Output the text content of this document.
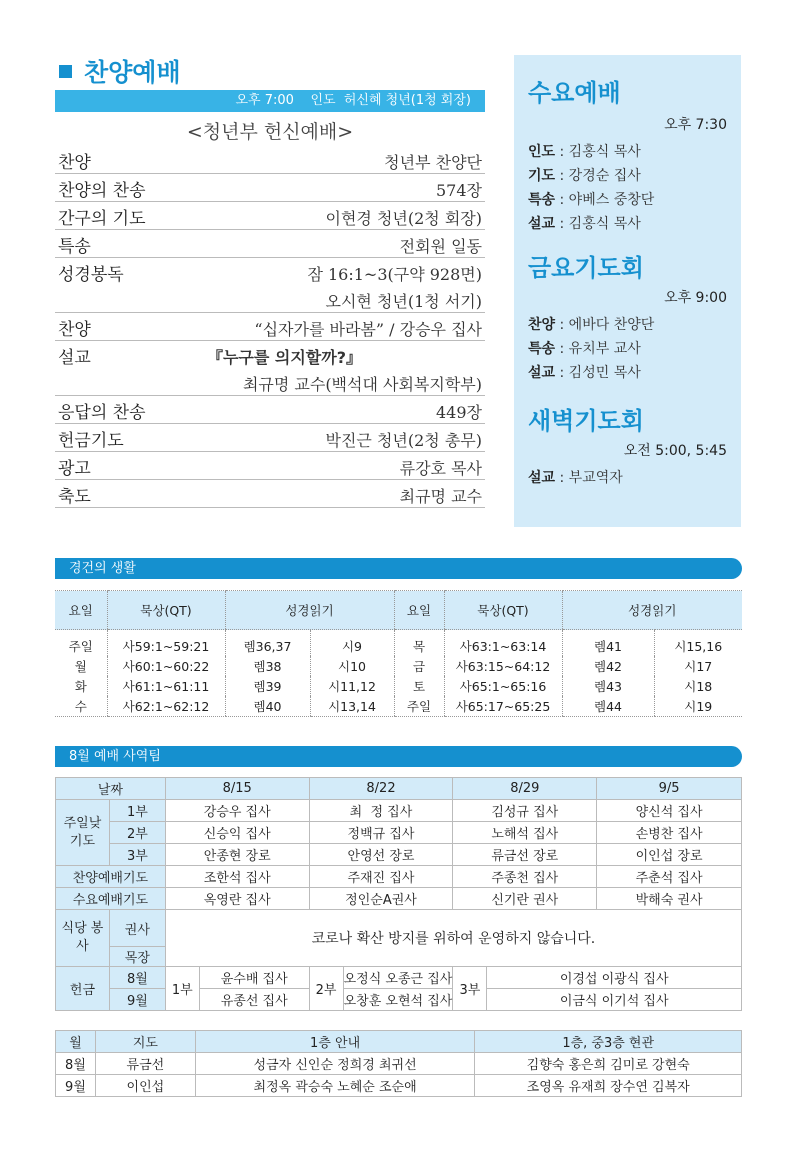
찬양예배
오후 7:00    인도  허신혜 청년(1청 회장)
<청년부 헌신예배>
찬양	청년부 찬양단
찬양의 찬송	574장
간구의 기도	이현경 청년(2청 회장)
특송	전회원 일동
성경봉독	잠 16:1~3(구약 928면)
오시현 청년(1청 서기)
찬양	“십자가를 바라봄” / 강승우 집사
설교	『누구를 의지할까?』
최규명 교수(백석대 사회복지학부)
응답의 찬송	449장
헌금기도	박진근 청년(2청 총무)
광고	류강호 목사
축도	최규명 교수
수요예배
오후 7:30
인도 : 김홍식 목사
기도 : 강경순 집사
특송 : 야베스 중창단
설교 : 김홍식 목사
금요기도회
오후 9:00
찬양 : 에바다 찬양단
특송 : 유치부 교사
설교 : 김성민 목사
새벽기도회
오전 5:00, 5:45
설교 : 부교역자
경건의 생활
요일	묵상(QT)	성경읽기		요일	묵상(QT)	성경읽기	
주일	사59:1~59:21	렘36,37	시9	목	사63:1~63:14	렘41	시15,16
월	사60:1~60:22	렘38	시10	금	사63:15~64:12	렘42	시17
화	사61:1~61:11	렘39	시11,12	토	사65:1~65:16	렘43	시18
수	사62:1~62:12	렘40	시13,14	주일	사65:17~65:25	렘44	시19
8월 예배 사역팀
날짜		8/15		8/22		8/29		9/5
주일낮 기도	1부	강승우 집사		최  정 집사		김성규 집사		양신석 집사
	2부	신승익 집사		정백규 집사		노해석 집사		손병찬 집사
	3부	안종현 장로		안영선 장로		류금선 장로		이인섭 장로
찬양예배기도		조한석 집사		주재진 집사		주종천 집사		주춘석 집사
수요예배기도		옥영란 집사		정인순A권사		신기란 권사		박해숙 권사
식당 봉사	권사	코로나 확산 방지를 위하여 운영하지 않습니다.						
	목장							
헌금	8월	1부	윤수배 집사	2부	오정식 오종근 집사	3부	이경섭 이광식 집사	
	9월		유종선 집사		오창훈 오현석 집사		이금식 이기석 집사	
월	지도	1층 안내	1층, 중3층 현관
8월	류금선	성금자 신인순 정희경 최귀선	김향숙 홍은희 김미로 강현숙
9월	이인섭	최정옥 곽승숙 노혜순 조순애	조영옥 유재희 장수연 김복자
